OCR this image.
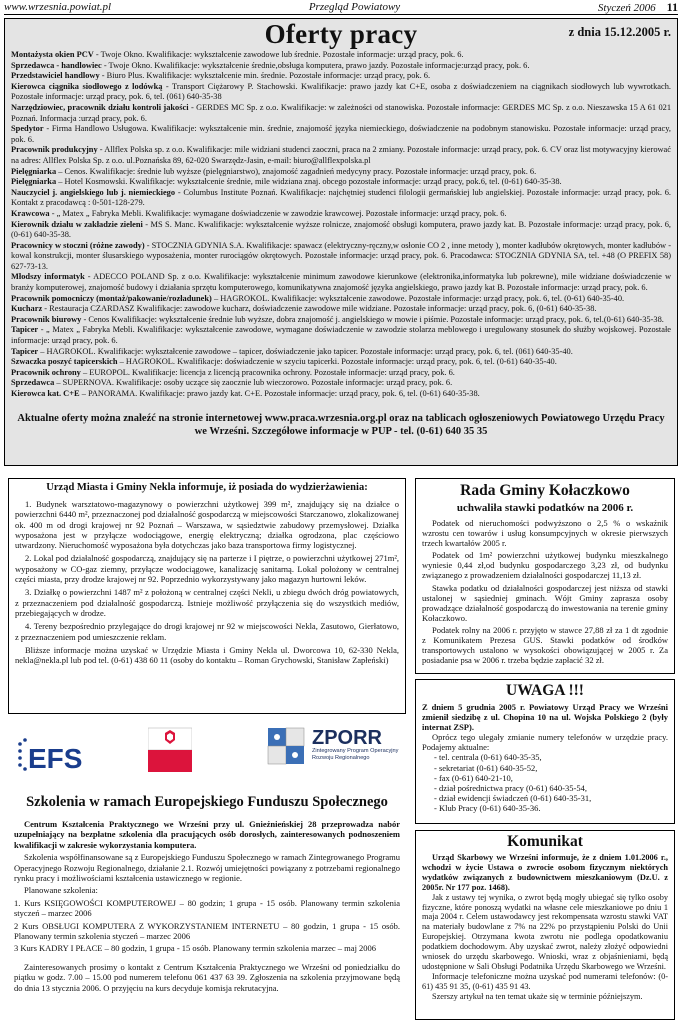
www.wrzesnia.powiat.pl	Przegląd Powiatowy	Styczeń 2006 11
Oferty pracy	z dnia 15.12.2005 r.

Montażysta okien PCV - Twoje Okno. Kwalifikacje: wykształcenie zawodowe lub średnie. Pozostałe informacje: urząd pracy, pok. 6.

Sprzedawca - handlowiec - Twoje Okno. Kwalifikacje: wykształcenie średnie,obsługa komputera, prawo jazdy. Pozostałe informacje:urząd pracy, pok. 6.

Przedstawiciel handlowy - Biuro Plus. Kwalifikacje: wykształcenie min. średnie. Pozostałe informacje: urząd pracy, pok. 6.

Kierowca ciągnika siodłowego z lodówką - Transport Ciężarowy P. Stachowski. Kwalifikacje: prawo jazdy kat C+E, osoba z doświadczeniem na ciągnikach siodłowych lub wywrotkach. Pozostałe informacje: urząd pracy, pok. 6, tel. (061) 640-35-38

Narzędziowiec, pracownik działu kontroli jakości - GERDES MC Sp. z o.o. Kwalifikacje: w zależności od stanowiska. Pozostałe informacje: GERDES MC Sp. z o.o. Nieszawska 15 A 61 021 Poznań. Informacja :urząd pracy, pok. 6.

Spedytor - Firma Handlowo Usługowa. Kwalifikacje: wykształcenie min. średnie, znajomość języka niemieckiego, doświadczenie na podobnym stanowisku. Pozostałe informacje: urząd pracy, pok. 6.

Pracownik produkcyjny - Allflex Polska sp. z o.o. Kwalifikacje: mile widziani studenci zaoczni, praca na 2 zmiany. Pozostałe informacje: urząd pracy, pok. 6. CV oraz list motywacyjny kierować na adres: Allflex Polska Sp. z o.o. ul.Poznańska 89, 62-020 Swarzędz-Jasin, e-mail: biuro@allflexpolska.pl

Pielęgniarka – Cenos. Kwalifikacje: średnie lub wyższe (pielęgniarstwo), znajomość zagadnień medycyny pracy. Pozostałe informacje: urząd pracy, pok. 6.

Pielęgniarka – Hotel Kosmowski. Kwalifikacje: wykształcenie średnie, mile widziana znaj. obcego pozostałe informacje: urząd pracy, pok.6, tel. (0-61) 640-35-38.

Nauczyciel j. angielskiego lub j. niemieckiego - Columbus Institute Poznań. Kwalifikacje: najchętniej studenci filologii germańskiej lub angielskiej. Pozostałe informacje: urząd pracy, pok. 6. Kontakt z pracodawcą : 0-501-128-279.

Krawcowa - „ Matex „ Fabryka Mebli. Kwalifikacje: wymagane doświadczenie w zawodzie krawcowej. Pozostałe informacje: urząd pracy, pok. 6.

Kierownik działu w zakładzie zieleni - MS S. Manc. Kwalifikacje: wykształcenie wyższe rolnicze, znajomość obsługi komputera, prawo jazdy kat. B. Pozostałe informacje: urząd pracy, pok. 6, (0-61) 640-35-38.

Pracownicy w stoczni (różne zawody) - STOCZNIA GDYNIA S.A. Kwalifikacje: spawacz (elektryczny-ręczny,w osłonie CO 2 , inne metody ), monter kadłubów okrętowych, monter kadłubów - kowal konstrukcji, monter ślusarskiego wyposażenia, monter rurociągów okrętowych. Pozostałe informacje: urząd pracy, pok. 6. Pracodawca: STOCZNIA GDYNIA SA, tel. +48 (O PREFIX 58) 627-73-13.

Młodszy informatyk - ADECCO POLAND Sp. z o.o. Kwalifikacje: wykształcenie minimum zawodowe kierunkowe (elektronika,informatyka lub pokrewne), mile widziane doświadczenie w branży komputerowej, znajomość budowy i działania sprzętu komputerowego, komunikatywna znajomość języka angielskiego, prawo jazdy kat B. Pozostałe informacje: urząd pracy, pok. 6.

Pracownik pomocniczy (montaż/pakowanie/rozładunek) – HAGROKOL. Kwalifikacje: wykształcenie zawodowe. Pozostałe informacje: urząd pracy, pok. 6, tel. (0-61) 640-35-40.

Kucharz - Restauracja CZARDASZ Kwalifikacje: zawodowe kucharz, doświadczenie zawodowe mile widziane. Pozostałe informacje: urząd pracy, pok. 6, (0-61) 640-35-38.

Pracownik biurowy - Cenos Kwalifikacje: wykształcenie średnie lub wyższe, dobra znajomość j. angielskiego w mowie i piśmie. Pozostałe informacje: urząd pracy, pok. 6, tel.(0-61) 640-35-38.

Tapicer - „ Matex „ Fabryka Mebli. Kwalifikacje: wykształcenie zawodowe, wymagane doświadczenie w zawodzie stolarza meblowego i uregulowany stosunek do służby wojskowej. Pozostałe informacje: urząd pracy, pok. 6.

Tapicer – HAGROKOL. Kwalifikacje: wykształcenie zawodowe – tapicer, doświadczenie jako tapicer. Pozostałe informacje: urząd pracy, pok. 6, tel. (061) 640-35-40.

Szwaczka poszyć tapicerskich – HAGROKOL. Kwalifikacje: doświadczenie w szyciu tapicerki. Pozostałe informacje: urząd pracy, pok. 6, tel. (0-61) 640-35-40.

Pracownik ochrony – EUROPOL. Kwalifikacje: licencja z licencją pracownika ochrony. Pozostałe informacje: urząd pracy, pok. 6.

Sprzedawca – SUPERNOVA. Kwalifikacje: osoby uczące się zaocznie lub wieczorowo. Pozostałe informacje: urząd pracy, pok. 6.

Kierowca kat. C+E – PANORAMA. Kwalifikacje: prawo jazdy kat. C+E. Pozostałe informacje: urząd pracy, pok. 6, tel. (0-61) 640-35-38.

Aktualne oferty można znaleźć na stronie internetowej www.praca.wrzesnia.org.pl oraz na tablicach ogłoszeniowych Powiatowego Urzędu Pracy we Wrześni. Szczegółowe informacje w PUP - tel. (0-61) 640 35 35
Urząd Miasta i Gminy Nekla informuje, iż posiada do wydzierżawienia:

1. Budynek warsztatowo-magazynowy o powierzchni użytkowej 399 m², znajdujący się na działce o powierzchni 6440 m², przeznaczonej pod działalność gospodarczą w miejscowości Starczanowo, zlokalizowanej ok. 400 m od drogi krajowej nr 92 Poznań – Warszawa, w sąsiedztwie zabudowy przemysłowej. Działka wyposażona jest w przyłącze wodociągowe, energię elektryczną; działka ogrodzona, plac częściowo utwardzony. Nieruchomość wyposażona była dotychczas jako baza transportowa firmy logistycznej.

2. Lokal pod działalność gospodarczą, znajdujący się na parterze i I piętrze, o powierzchni użytkowej 271m², wyposażony w CO-gaz ziemny, przyłącze wodociągowe, kanalizację sanitarną. Lokal położony w centralnej części miasta, przy drodze krajowej nr 92. Poprzednio wykorzystywany jako magazyn hurtowni leków.

3. Działkę o powierzchni 1487 m² z położoną w centralnej części Nekli, u zbiegu dwóch dróg powiatowych, z przeznaczeniem pod działalność gospodarczą. Istnieje możliwość przyłączenia się do wszystkich mediów, przebiegających w drodze.

4. Tereny bezpośrednio przylegające do drogi krajowej nr 92 w miejscowości Nekla, Zasutowo, Gierłatowo, z przeznaczeniem pod umieszczenie reklam.

Bliższe informacje można uzyskać w Urzędzie Miasta i Gminy Nekla ul. Dworcowa 10, 62-330 Nekla, nekla@nekla.pl lub pod tel. (0-61) 438 60 11 (osoby do kontaktu – Roman Grychowski, Stanisław Zapłeński)

Rada Gminy Kołaczkowo
uchwaliła stawki podatków na 2006 r.

Podatek od nieruchomości podwyższono o 2,5 % o wskaźnik wzrostu cen towarów i usług konsumpcyjnych w okresie pierwszych trzech kwartałów 2005 r.

Podatek od 1m² powierzchni użytkowej budynku mieszkalnego wyniesie 0,44 zł,od budynku gospodarczego 3,23 zł, od budynku związanego z prowadzeniem działalności gospodarczej 11,13 zł.

Stawka podatku od działalności gospodarczej jest niższa od stawki ustalonej w sąsiedniej gminach. Wójt Gminy zaprasza osoby prowadzące działalność gospodarczą do inwestowania na terenie gminy Kołaczkowo.

Podatek rolny na 2006 r. przyjęto w stawce 27,88 zł za 1 dt zgodnie z Komunikatem Prezesa GUS. Stawki podatków od środków transportowych ustalono w wysokości obowiązującej w 2005 r. Za posiadanie psa w 2006 r. trzeba będzie zapłacić 32 zł.

UWAGA !!!

Z dniem 5 grudnia 2005 r. Powiatowy Urząd Pracy we Wrześni zmienił siedzibę z ul. Chopina 10 na ul. Wojska Polskiego 2 (były internat ZSP).

Oprócz tego ulegały zmianie numery telefonów w urzędzie pracy. Podajemy aktualne:

- tel. centrala (0-61) 640-35-35,

- sekretariat (0-61) 640-35-52,

- fax (0-61) 640-21-10,

- dział pośrednictwa pracy (0-61) 640-35-54,

- dział ewidencji świadczeń (0-61) 640-35-31,

- Klub Pracy (0-61) 640-35-36.

Komunikat

Urząd Skarbowy we Wrześni informuje, że z dniem 1.01.2006 r., wchodzi w życie Ustawa o zwrocie osobom fizycznym niektórych wydatków związanych z budownictwem mieszkaniowym (Dz.U. z 2005r. Nr 177 poz. 1468).

Jak z ustawy tej wynika, o zwrot będą mogły ubiegać się tylko osoby fizyczne, które ponoszą wydatki na własne cele mieszkaniowe po dniu 1 maja 2004 r. Celem ustawodawcy jest rekompensata wzrostu stawki VAT na materiały budowlane z 7% na 22% po przystąpieniu Polski do Unii Europejskiej. Otrzymana kwota zwrotu nie podlega opodatkowaniu podatkiem dochodowym. Aby uzyskać zwrot, należy złożyć odpowiedni wniosek do urzędu skarbowego. Wnioski, wraz z objaśnieniami, będą udostępnione w Sali Obsługi Podatnika Urzędu Skarbowego we Wrześni.

Informacje telefoniczne można uzyskać pod numerami telefonów: (0-61) 435 91 35, (0-61) 435 91 43.

Szerszy artykuł na ten temat ukaże się w terminie późniejszym.

EFS
ZPORR
Zintegrowany Program Operacyjny Rozwoju Regionalnego
Szkolenia w ramach Europejskiego Funduszu Społecznego

Centrum Kształcenia Praktycznego we Wrześni przy ul. Gnieźnieńskiej 28 przeprowadza nabór uzupełniający na bezpłatne szkolenia dla pracujących osób dorosłych, zainteresowanych podnoszeniem kwalifikacji w zakresie wykorzystania komputera.

Szkolenia współfinansowane są z Europejskiego Funduszu Społecznego w ramach Zintegrowanego Programu Operacyjnego Rozwoju Regionalnego, działanie 2.1. Rozwój umiejętności powiązany z potrzebami regionalnego rynku pracy i możliwościami kształcenia ustawicznego w regionie.

Planowane szkolenia:

1. Kurs KSIĘGOWOŚCI KOMPUTEROWEJ – 80 godzin; 1 grupa - 15 osób. Planowany termin szkolenia styczeń – marzec 2006

2 Kurs OBSŁUGI KOMPUTERA Z WYKORZYSTANIEM INTERNETU – 80 godzin, 1 grupa - 15 osób. Planowany termin szkolenia styczeń – marzec 2006

3 Kurs KADRY I PŁACE – 80 godzin, 1 grupa - 15 osób. Planowany termin szkolenia marzec – maj 2006

Zainteresowanych prosimy o kontakt z Centrum Kształcenia Praktycznego we Wrześni od poniedziałku do piątku w godz. 7.00 – 15.00 pod numerem telefonu 061 437 63 39. Zgłoszenia na szkolenia przyjmowane będą do dnia 13 stycznia 2006. O przyjęciu na kurs decyduje komisja rekrutacyjna.
